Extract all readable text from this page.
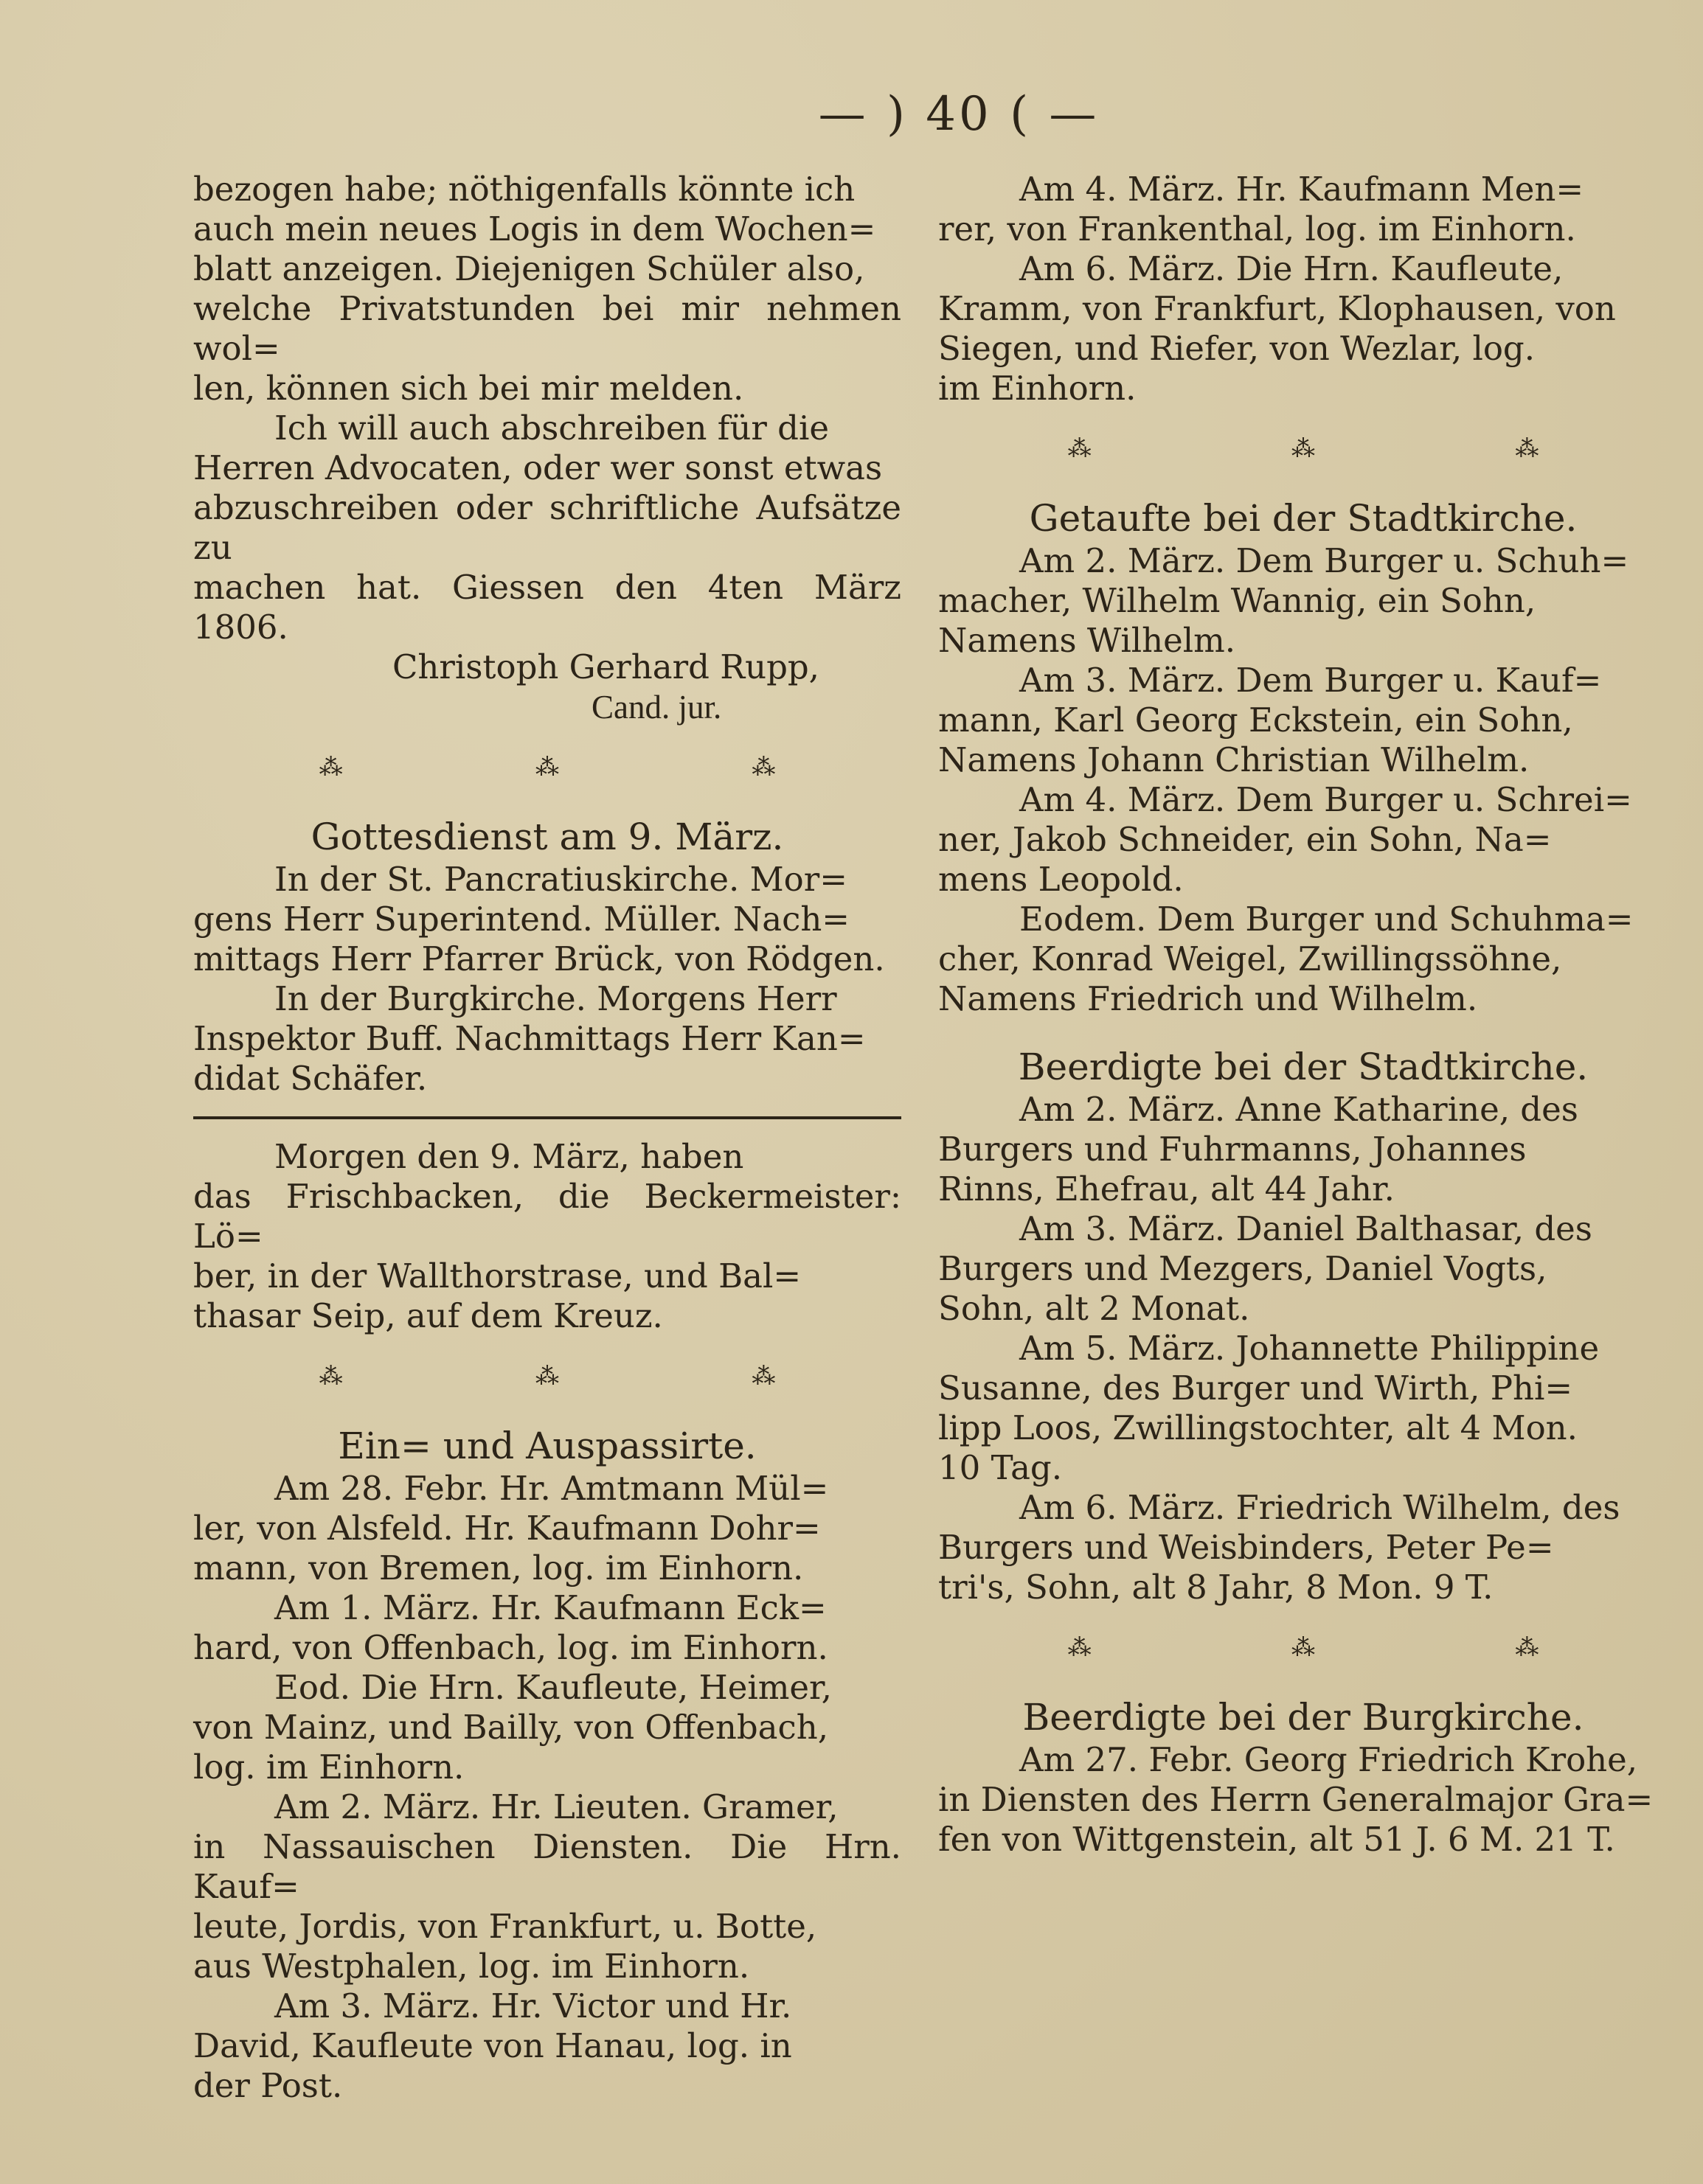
— ) 40 ( —

bezogen habe; nöthigenfalls könnte ich

auch mein neues Logis in dem Wochen=

blatt anzeigen. Diejenigen Schüler also,

welche Privatstunden bei mir nehmen wol=

len, können sich bei mir melden.

Ich will auch abschreiben für die

Herren Advocaten, oder wer sonst etwas

abzuschreiben oder schriftliche Aufsätze zu

machen hat. Giessen den 4ten März 1806.

Christoph Gerhard Rupp,

Cand. jur.

⁂	⁂	⁂

Gottesdienst am 9. März.

In der St. Pancratiuskirche. Mor=

gens Herr Superintend. Müller. Nach=

mittags Herr Pfarrer Brück, von Rödgen.

In der Burgkirche. Morgens Herr

Inspektor Buff. Nachmittags Herr Kan=

didat Schäfer.

Morgen den 9. März, haben

das Frischbacken, die Beckermeister: Lö=

ber, in der Wallthorstrase, und Bal=

thasar Seip, auf dem Kreuz.

⁂	⁂	⁂

Ein= und Auspassirte.

Am 28. Febr. Hr. Amtmann Mül=

ler, von Alsfeld. Hr. Kaufmann Dohr=

mann, von Bremen, log. im Einhorn.

Am 1. März. Hr. Kaufmann Eck=

hard, von Offenbach, log. im Einhorn.

Eod. Die Hrn. Kaufleute, Heimer,

von Mainz, und Bailly, von Offenbach,

log. im Einhorn.

Am 2. März. Hr. Lieuten. Gramer,

in Nassauischen Diensten. Die Hrn. Kauf=

leute, Jordis, von Frankfurt, u. Botte,

aus Westphalen, log. im Einhorn.

Am 3. März. Hr. Victor und Hr.

David, Kaufleute von Hanau, log. in

der Post.

Am 4. März. Hr. Kaufmann Men=

rer, von Frankenthal, log. im Einhorn.

Am 6. März. Die Hrn. Kaufleute,

Kramm, von Frankfurt, Klophausen, von

Siegen, und Riefer, von Wezlar, log.

im Einhorn.

⁂	⁂	⁂

Getaufte bei der Stadtkirche.

Am 2. März. Dem Burger u. Schuh=

macher, Wilhelm Wannig, ein Sohn,

Namens Wilhelm.

Am 3. März. Dem Burger u. Kauf=

mann, Karl Georg Eckstein, ein Sohn,

Namens Johann Christian Wilhelm.

Am 4. März. Dem Burger u. Schrei=

ner, Jakob Schneider, ein Sohn, Na=

mens Leopold.

Eodem. Dem Burger und Schuhma=

cher, Konrad Weigel, Zwillingssöhne,

Namens Friedrich und Wilhelm.

Beerdigte bei der Stadtkirche.

Am 2. März. Anne Katharine, des

Burgers und Fuhrmanns, Johannes

Rinns, Ehefrau, alt 44 Jahr.

Am 3. März. Daniel Balthasar, des

Burgers und Mezgers, Daniel Vogts,

Sohn, alt 2 Monat.

Am 5. März. Johannette Philippine

Susanne, des Burger und Wirth, Phi=

lipp Loos, Zwillingstochter, alt 4 Mon.

10 Tag.

Am 6. März. Friedrich Wilhelm, des

Burgers und Weisbinders, Peter Pe=

tri's, Sohn, alt 8 Jahr, 8 Mon. 9 T.

⁂	⁂	⁂

Beerdigte bei der Burgkirche.

Am 27. Febr. Georg Friedrich Krohe,

in Diensten des Herrn Generalmajor Gra=

fen von Wittgenstein, alt 51 J. 6 M. 21 T.
